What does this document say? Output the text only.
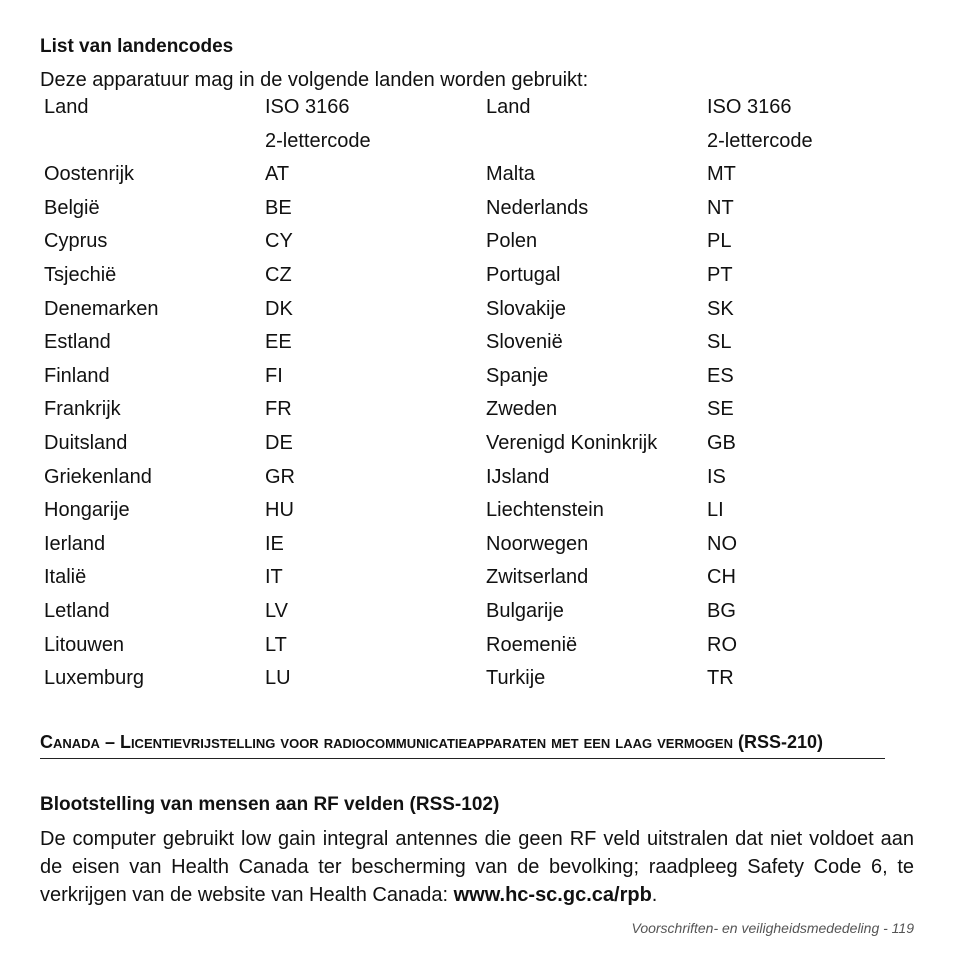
List van landencodes

Deze apparatuur mag in de volgende landen worden gebruikt:

Land	ISO 3166	Land	ISO 3166
	2-lettercode		2-lettercode
Oostenrijk	AT	Malta	MT
België	BE	Nederlands	NT
Cyprus	CY	Polen	PL
Tsjechië	CZ	Portugal	PT
Denemarken	DK	Slovakije	SK
Estland	EE	Slovenië	SL
Finland	FI	Spanje	ES
Frankrijk	FR	Zweden	SE
Duitsland	DE	Verenigd Koninkrijk	GB
Griekenland	GR	IJsland	IS
Hongarije	HU	Liechtenstein	LI
Ierland	IE	Noorwegen	NO
Italië	IT	Zwitserland	CH
Letland	LV	Bulgarije	BG
Litouwen	LT	Roemenië	RO
Luxemburg	LU	Turkije	TR
Canada – Licentievrijstelling voor radiocommunicatieapparaten met een laag vermogen (RSS-210)
Blootstelling van mensen aan RF velden (RSS-102)

De computer gebruikt low gain integral antennes die geen RF veld uitstralen dat niet voldoet aan de eisen van Health Canada ter bescherming van de bevolking; raadpleeg Safety Code 6, te verkrijgen van de website van Health Canada: www.hc-sc.gc.ca/rpb.

Voorschriften- en veiligheidsmededeling - 119
